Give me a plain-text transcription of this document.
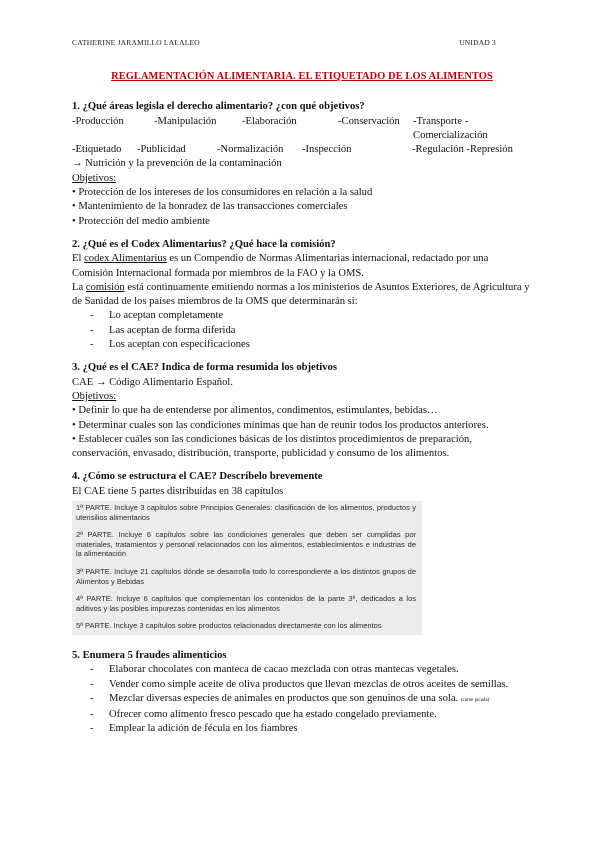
CATHERINE JARAMILLO LALALEO	UNIDAD 3
REGLAMENTACIÓN ALIMENTARIA. EL ETIQUETADO DE LOS ALIMENTOS

1. ¿Qué áreas legisla el derecho alimentario? ¿con qué objetivos?

-Producción	-Manipulación	-Elaboración	-Conservación	-Transporte -Comercialización
-Etiquetado	-Publicidad	-Normalización	-Inspección	-Regulación -Represión

→ Nutrición y la prevención de la contaminación

Objetivos:

• Protección de los intereses de los consumidores en relación a la salud

• Mantenimiento de la honradez de las transacciones comerciales

• Protección del medio ambiente

2. ¿Qué es el Codex Alimentarius? ¿Qué hace la comisión?

El codex Alimentarius es un Compendio de Normas Alimentarias internacional, redactado por una Comisión Internacional formada por miembros de la FAO y la OMS.

La comisión está continuamente emitiendo normas a los ministerios de Asuntos Exteriores, de Agricultura y de Sanidad de los países miembros de la OMS que determinarán si:

- Lo aceptan completamente
- Las aceptan de forma diferida
- Los aceptan con especificaciones

3. ¿Qué es el CAE? Indica de forma resumida los objetivos

CAE → Código Alimentario Español.

Objetivos:

• Definir lo que ha de entenderse por alimentos, condimentos, estimulantes, bebidas…

• Determinar cuales son las condiciones mínimas que han de reunir todos los productos anteriores.

• Establecer cuáles son las condiciones básicas de los distintos procedimientos de preparación, conservación, envasado, distribución, transporte, publicidad y consumo de los alimentos.

4. ¿Cómo se estructura el CAE? Descríbelo brevemente

El CAE tiene 5 partes distribuidas en 38 capítulos

1ª PARTE. Incluye 3 capítulos sobre Principios Generales: clasificación de los alimentos, productos y utensilios alimentarios

2ª PARTE. Incluye 6 capítulos sobre las condiciones generales que deben ser cumplidas por materiales, tratamientos y personal relacionados con los alimentos, establecimientos e industrias de la alimentación

3ª PARTE. Incluye 21 capítulos dónde se desarrolla todo lo correspondiente a los distintos grupos de Alimentos y Bebidas

4ª PARTE. Incluye 6 capítulos que complementan los contenidos de la parte 3ª, dedicados a los aditivos y las posibles impurezas contenidas en los alimentos

5ª PARTE. Incluye 3 capítulos sobre productos relacionados directamente con los alimentos

5. Enumera 5 fraudes alimenticios

- Elaborar chocolates con manteca de cacao mezclada con otras mantecas vegetales.
- Vender como simple aceite de oliva productos que llevan mezclas de otros aceites de semillas.
- Mezclar diversas especies de animales en productos que son genuinos de una sola. (carne picada)
- Ofrecer como alimento fresco pescado que ha estado congelado previamente.
- Emplear la adición de fécula en los fiambres
